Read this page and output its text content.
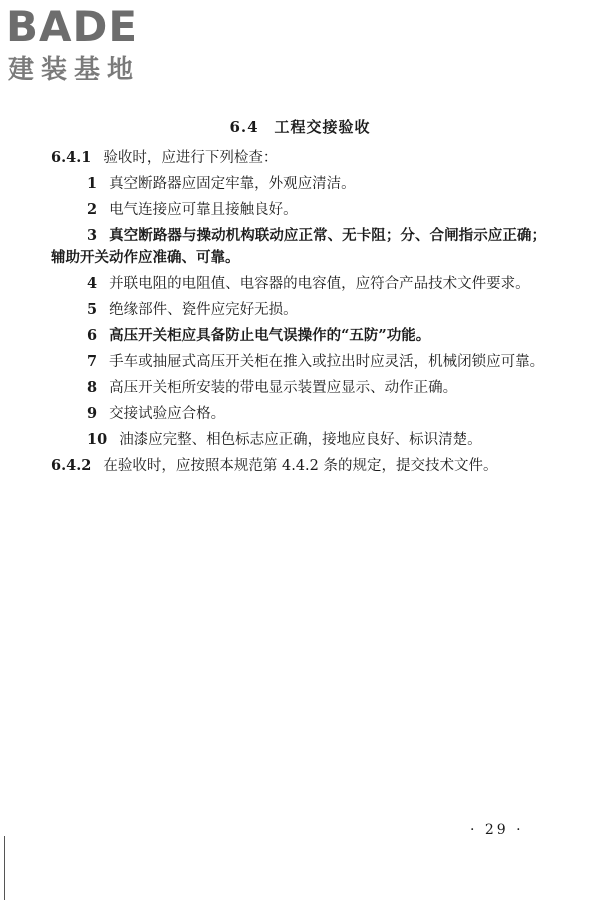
BADE
建装基地
6.4 工程交接验收

6.4.1 验收时，应进行下列检查：

1 真空断路器应固定牢靠，外观应清洁。

2 电气连接应可靠且接触良好。

3 真空断路器与操动机构联动应正常、无卡阻；分、合闸指示应正确；辅助开关动作应准确、可靠。

4 并联电阻的电阻值、电容器的电容值，应符合产品技术文件要求。

5 绝缘部件、瓷件应完好无损。

6 高压开关柜应具备防止电气误操作的“五防”功能。

7 手车或抽屉式高压开关柜在推入或拉出时应灵活，机械闭锁应可靠。

8 高压开关柜所安装的带电显示装置应显示、动作正确。

9 交接试验应合格。

10 油漆应完整、相色标志应正确，接地应良好、标识清楚。

6.4.2 在验收时，应按照本规范第 4.4.2 条的规定，提交技术文件。

· 29 ·
